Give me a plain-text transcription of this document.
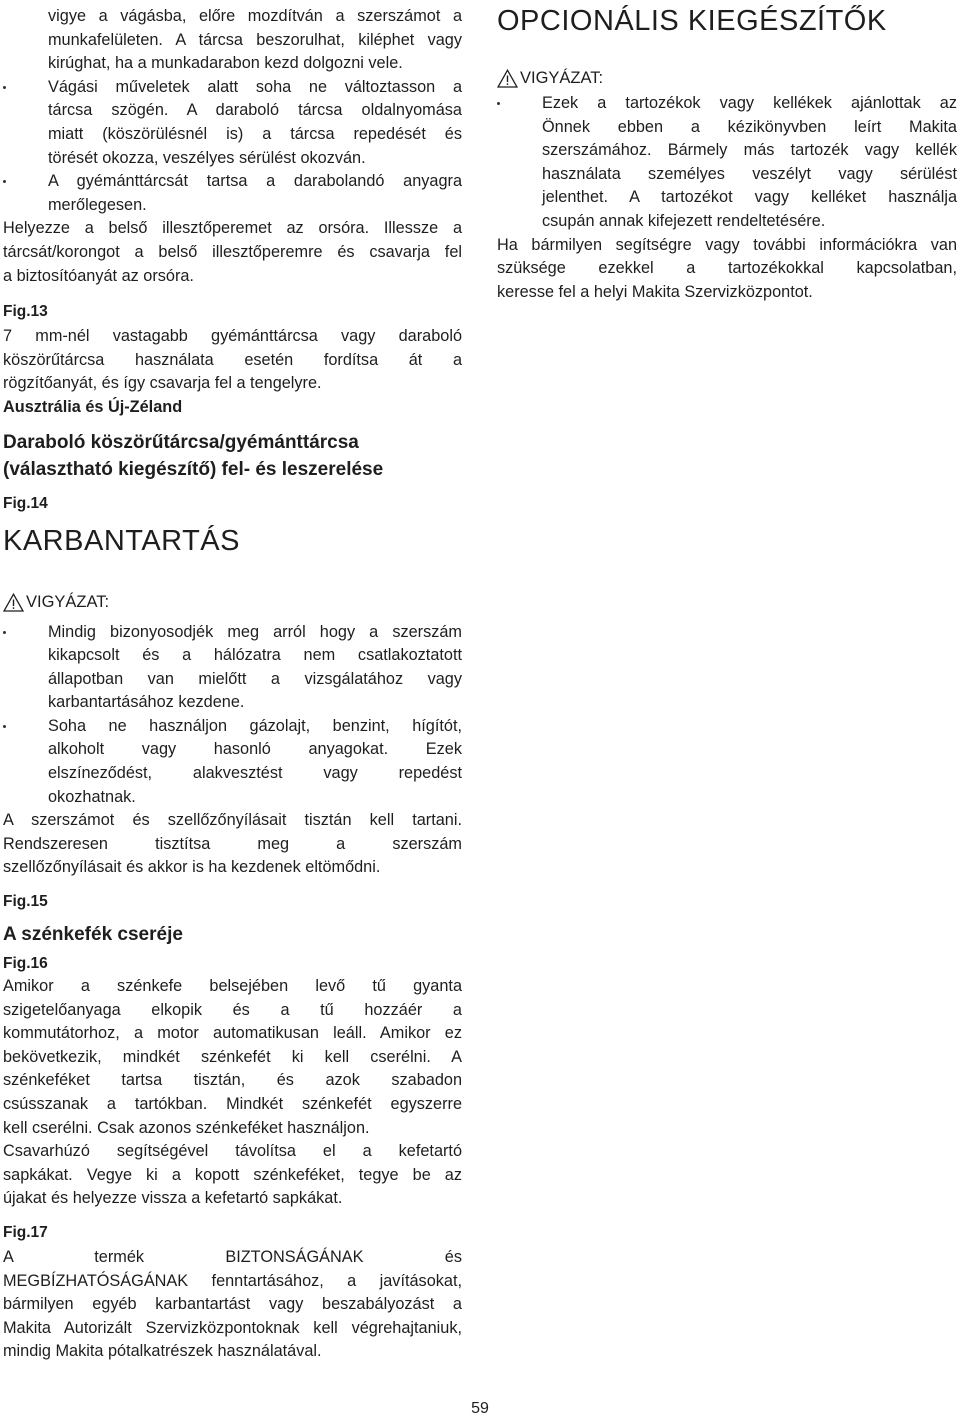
vigye a vágásba, előre mozdítván a szerszámot a
munkafelületen. A tárcsa beszorulhat, kiléphet vagy
kirúghat, ha a munkadarabon kezd dolgozni vele.
Vágási műveletek alatt soha ne változtasson a
tárcsa szögén. A daraboló tárcsa oldalnyomása
miatt (köszörülésnél is) a tárcsa repedését és
törését okozza, veszélyes sérülést okozván.
A gyémánttárcsát tartsa a darabolandó anyagra
merőlegesen.
Helyezze a belső illesztőperemet az orsóra. Illessze a
tárcsát/korongot a belső illesztőperemre és csavarja fel
a biztosítóanyát az orsóra.
Fig.13
7 mm-nél vastagabb gyémánttárcsa vagy daraboló
köszörűtárcsa használata esetén fordítsa át a
rögzítőanyát, és így csavarja fel a tengelyre.
Ausztrália és Új-Zéland
Daraboló köszörűtárcsa/gyémánttárcsa
(választható kiegészítő) fel- és leszerelése
Fig.14
KARBANTARTÁS
VIGYÁZAT:
Mindig bizonyosodjék meg arról hogy a szerszám
kikapcsolt és a hálózatra nem csatlakoztatott
állapotban van mielőtt a vizsgálatához vagy
karbantartásához kezdene.
Soha ne használjon gázolajt, benzint, hígítót,
alkoholt vagy hasonló anyagokat. Ezek
elszíneződést, alakvesztést vagy repedést
okozhatnak.
A szerszámot és szellőzőnyílásait tisztán kell tartani.
Rendszeresen tisztítsa meg a szerszám
szellőzőnyílásait és akkor is ha kezdenek eltömődni.
Fig.15
A szénkefék cseréje
Fig.16
Amikor a szénkefe belsejében levő tű gyanta
szigetelőanyaga elkopik és a tű hozzáér a
kommutátorhoz, a motor automatikusan leáll. Amikor ez
bekövetkezik, mindkét szénkefét ki kell cserélni. A
szénkeféket tartsa tisztán, és azok szabadon
csússzanak a tartókban. Mindkét szénkefét egyszerre
kell cserélni. Csak azonos szénkeféket használjon.
Csavarhúzó segítségével távolítsa el a kefetartó
sapkákat. Vegye ki a kopott szénkeféket, tegye be az
újakat és helyezze vissza a kefetartó sapkákat.
Fig.17
A termék BIZTONSÁGÁNAK és
MEGBÍZHATÓSÁGÁNAK fenntartásához, a javításokat,
bármilyen egyéb karbantartást vagy beszabályozást a
Makita Autorizált Szervizközpontoknak kell végrehajtaniuk,
mindig Makita pótalkatrészek használatával.
OPCIONÁLIS KIEGÉSZÍTŐK
VIGYÁZAT:
Ezek a tartozékok vagy kellékek ajánlottak az
Önnek ebben a kézikönyvben leírt Makita
szerszámához. Bármely más tartozék vagy kellék
használata személyes veszélyt vagy sérülést
jelenthet. A tartozékot vagy kelléket használja
csupán annak kifejezett rendeltetésére.
Ha bármilyen segítségre vagy további információkra van
szüksége ezekkel a tartozékokkal kapcsolatban,
keresse fel a helyi Makita Szervizközpontot.
59
